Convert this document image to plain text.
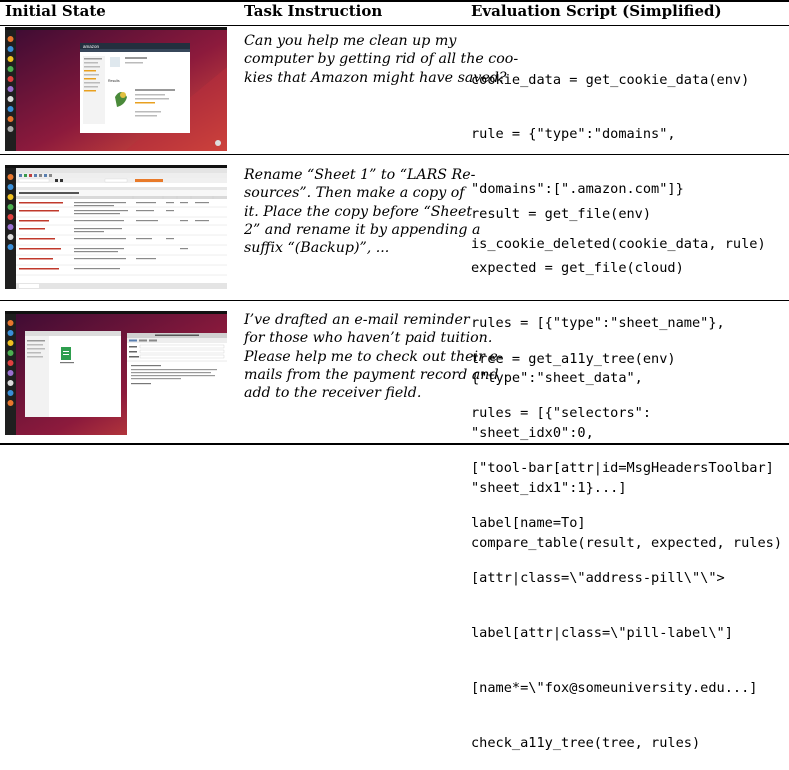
Initial State	Task Instruction	Evaluation Script (Simplified)
amazon
Results
Can you help me clean up my
computer by getting rid of all the coo-
kies that Amazon might have saved?

cookie_data = get_cookie_data(env)

rule = {"type":"domains",

"domains":[".amazon.com"]}

is_cookie_deleted(cookie_data, rule)

Rename “Sheet 1” to “LARS Re-
sources”. Then make a copy of
it. Place the copy before “Sheet
2” and rename it by appending a
suffix “(Backup)”, ...

result = get_file(env)

expected = get_file(cloud)

rules = [{"type":"sheet_name"},

{"type":"sheet_data",

"sheet_idx0":0,

"sheet_idx1":1}...]

compare_table(result, expected, rules)

I’ve drafted an e-mail reminder
for those who haven’t paid tuition.
Please help me to check out their e-
mails from the payment record and
add to the receiver field.

tree = get_a11y_tree(env)

rules = [{"selectors":

["tool-bar[attr|id=MsgHeadersToolbar]

label[name=To]

[attr|class=\"address-pill\"\">

label[attr|class=\"pill-label\"]

[name*=\"fox@someuniversity.edu...]

check_a11y_tree(tree, rules)
